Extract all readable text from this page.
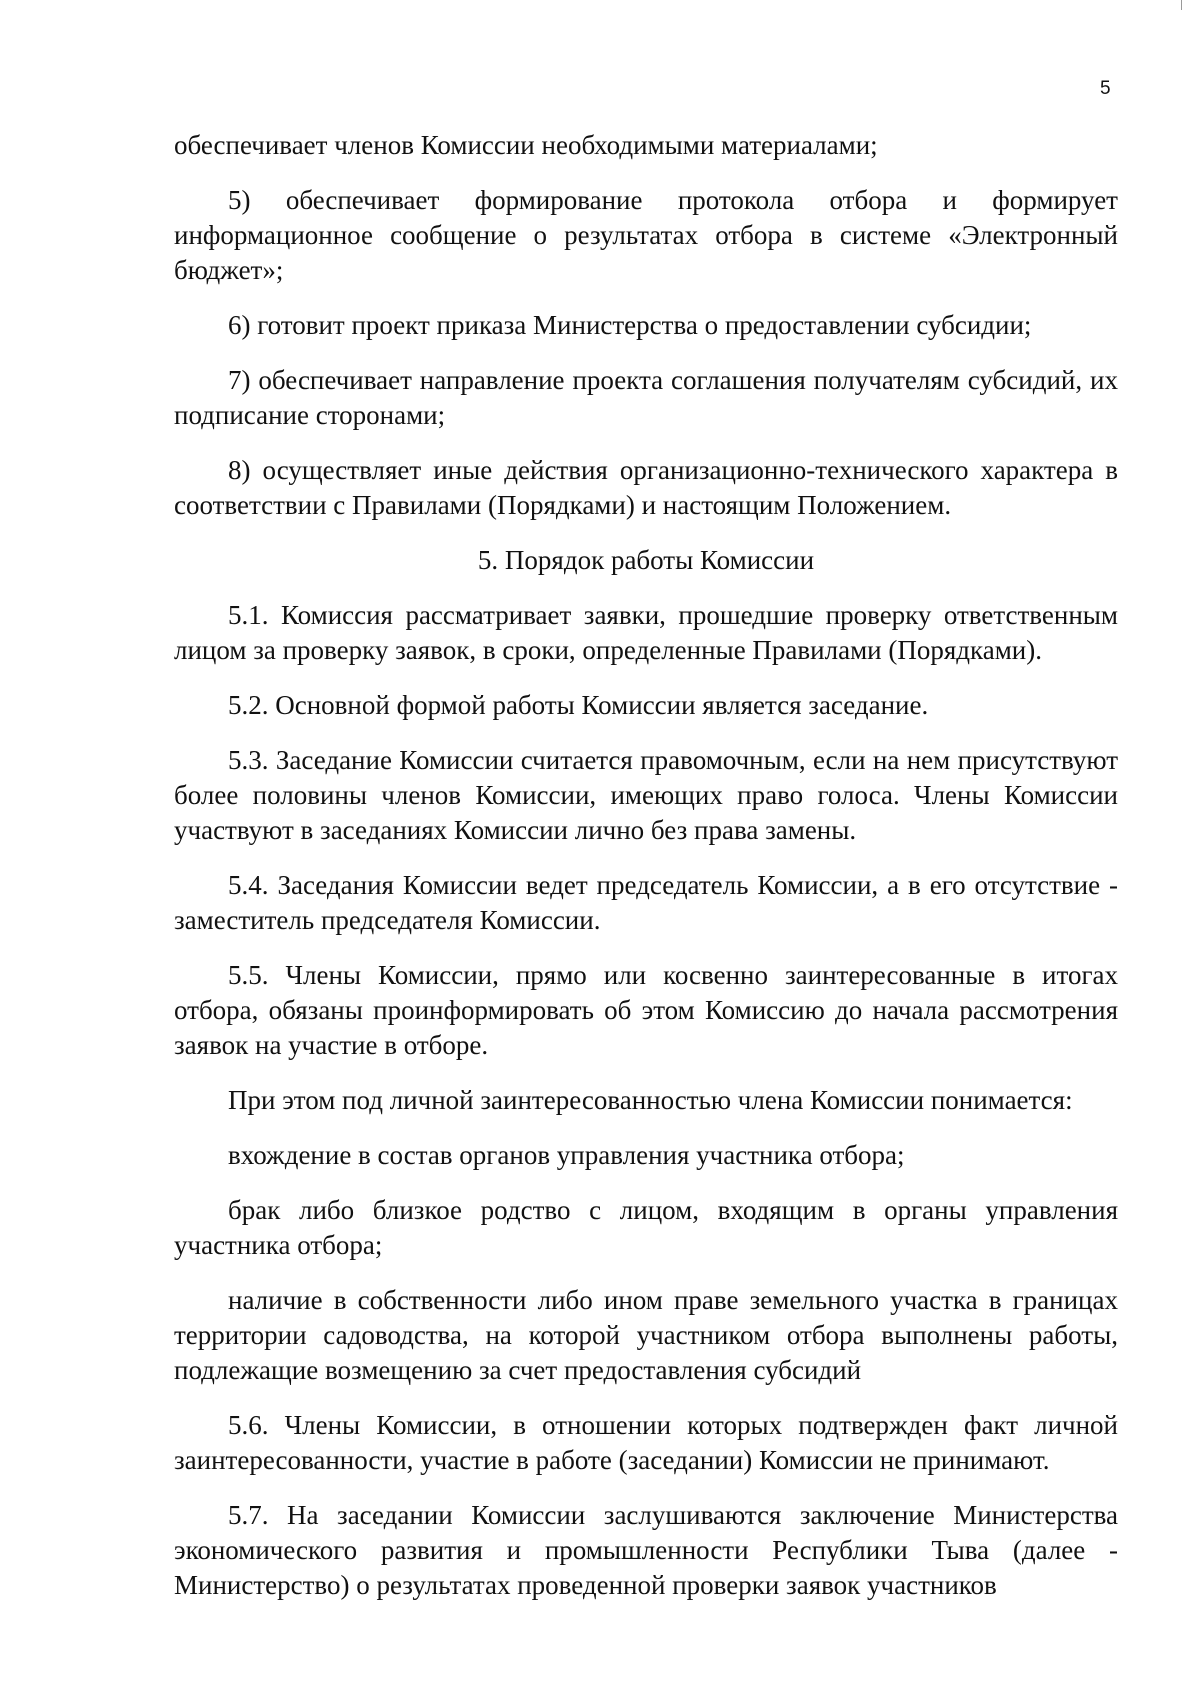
5

обеспечивает членов Комиссии необходимыми материалами;

5) обеспечивает формирование протокола отбора и формирует информационное сообщение о результатах отбора в системе «Электронный бюджет»;

6) готовит проект приказа Министерства о предоставлении субсидии;

7) обеспечивает направление проекта соглашения получателям субсидий, их подписание сторонами;

8) осуществляет иные действия организационно-технического характера в соответствии с Правилами (Порядками) и настоящим Положением.

5. Порядок работы Комиссии

5.1. Комиссия рассматривает заявки, прошедшие проверку ответственным лицом за проверку заявок, в сроки, определенные Правилами (Порядками).

5.2. Основной формой работы Комиссии является заседание.

5.3. Заседание Комиссии считается правомочным, если на нем присутствуют более половины членов Комиссии, имеющих право голоса. Члены Комиссии участвуют в заседаниях Комиссии лично без права замены.

5.4. Заседания Комиссии ведет председатель Комиссии, а в его отсутствие - заместитель председателя Комиссии.

5.5. Члены Комиссии, прямо или косвенно заинтересованные в итогах отбора, обязаны проинформировать об этом Комиссию до начала рассмотрения заявок на участие в отборе.

При этом под личной заинтересованностью члена Комиссии понимается:

вхождение в состав органов управления участника отбора;

брак либо близкое родство с лицом, входящим в органы управления участника отбора;

наличие в собственности либо ином праве земельного участка в границах территории садоводства, на которой участником отбора выполнены работы, подлежащие возмещению за счет предоставления субсидий

5.6. Члены Комиссии, в отношении которых подтвержден факт личной заинтересованности, участие в работе (заседании) Комиссии не принимают.

5.7. На заседании Комиссии заслушиваются заключение Министерства экономического развития и промышленности Республики Тыва (далее - Министерство) о результатах проведенной проверки заявок участников
